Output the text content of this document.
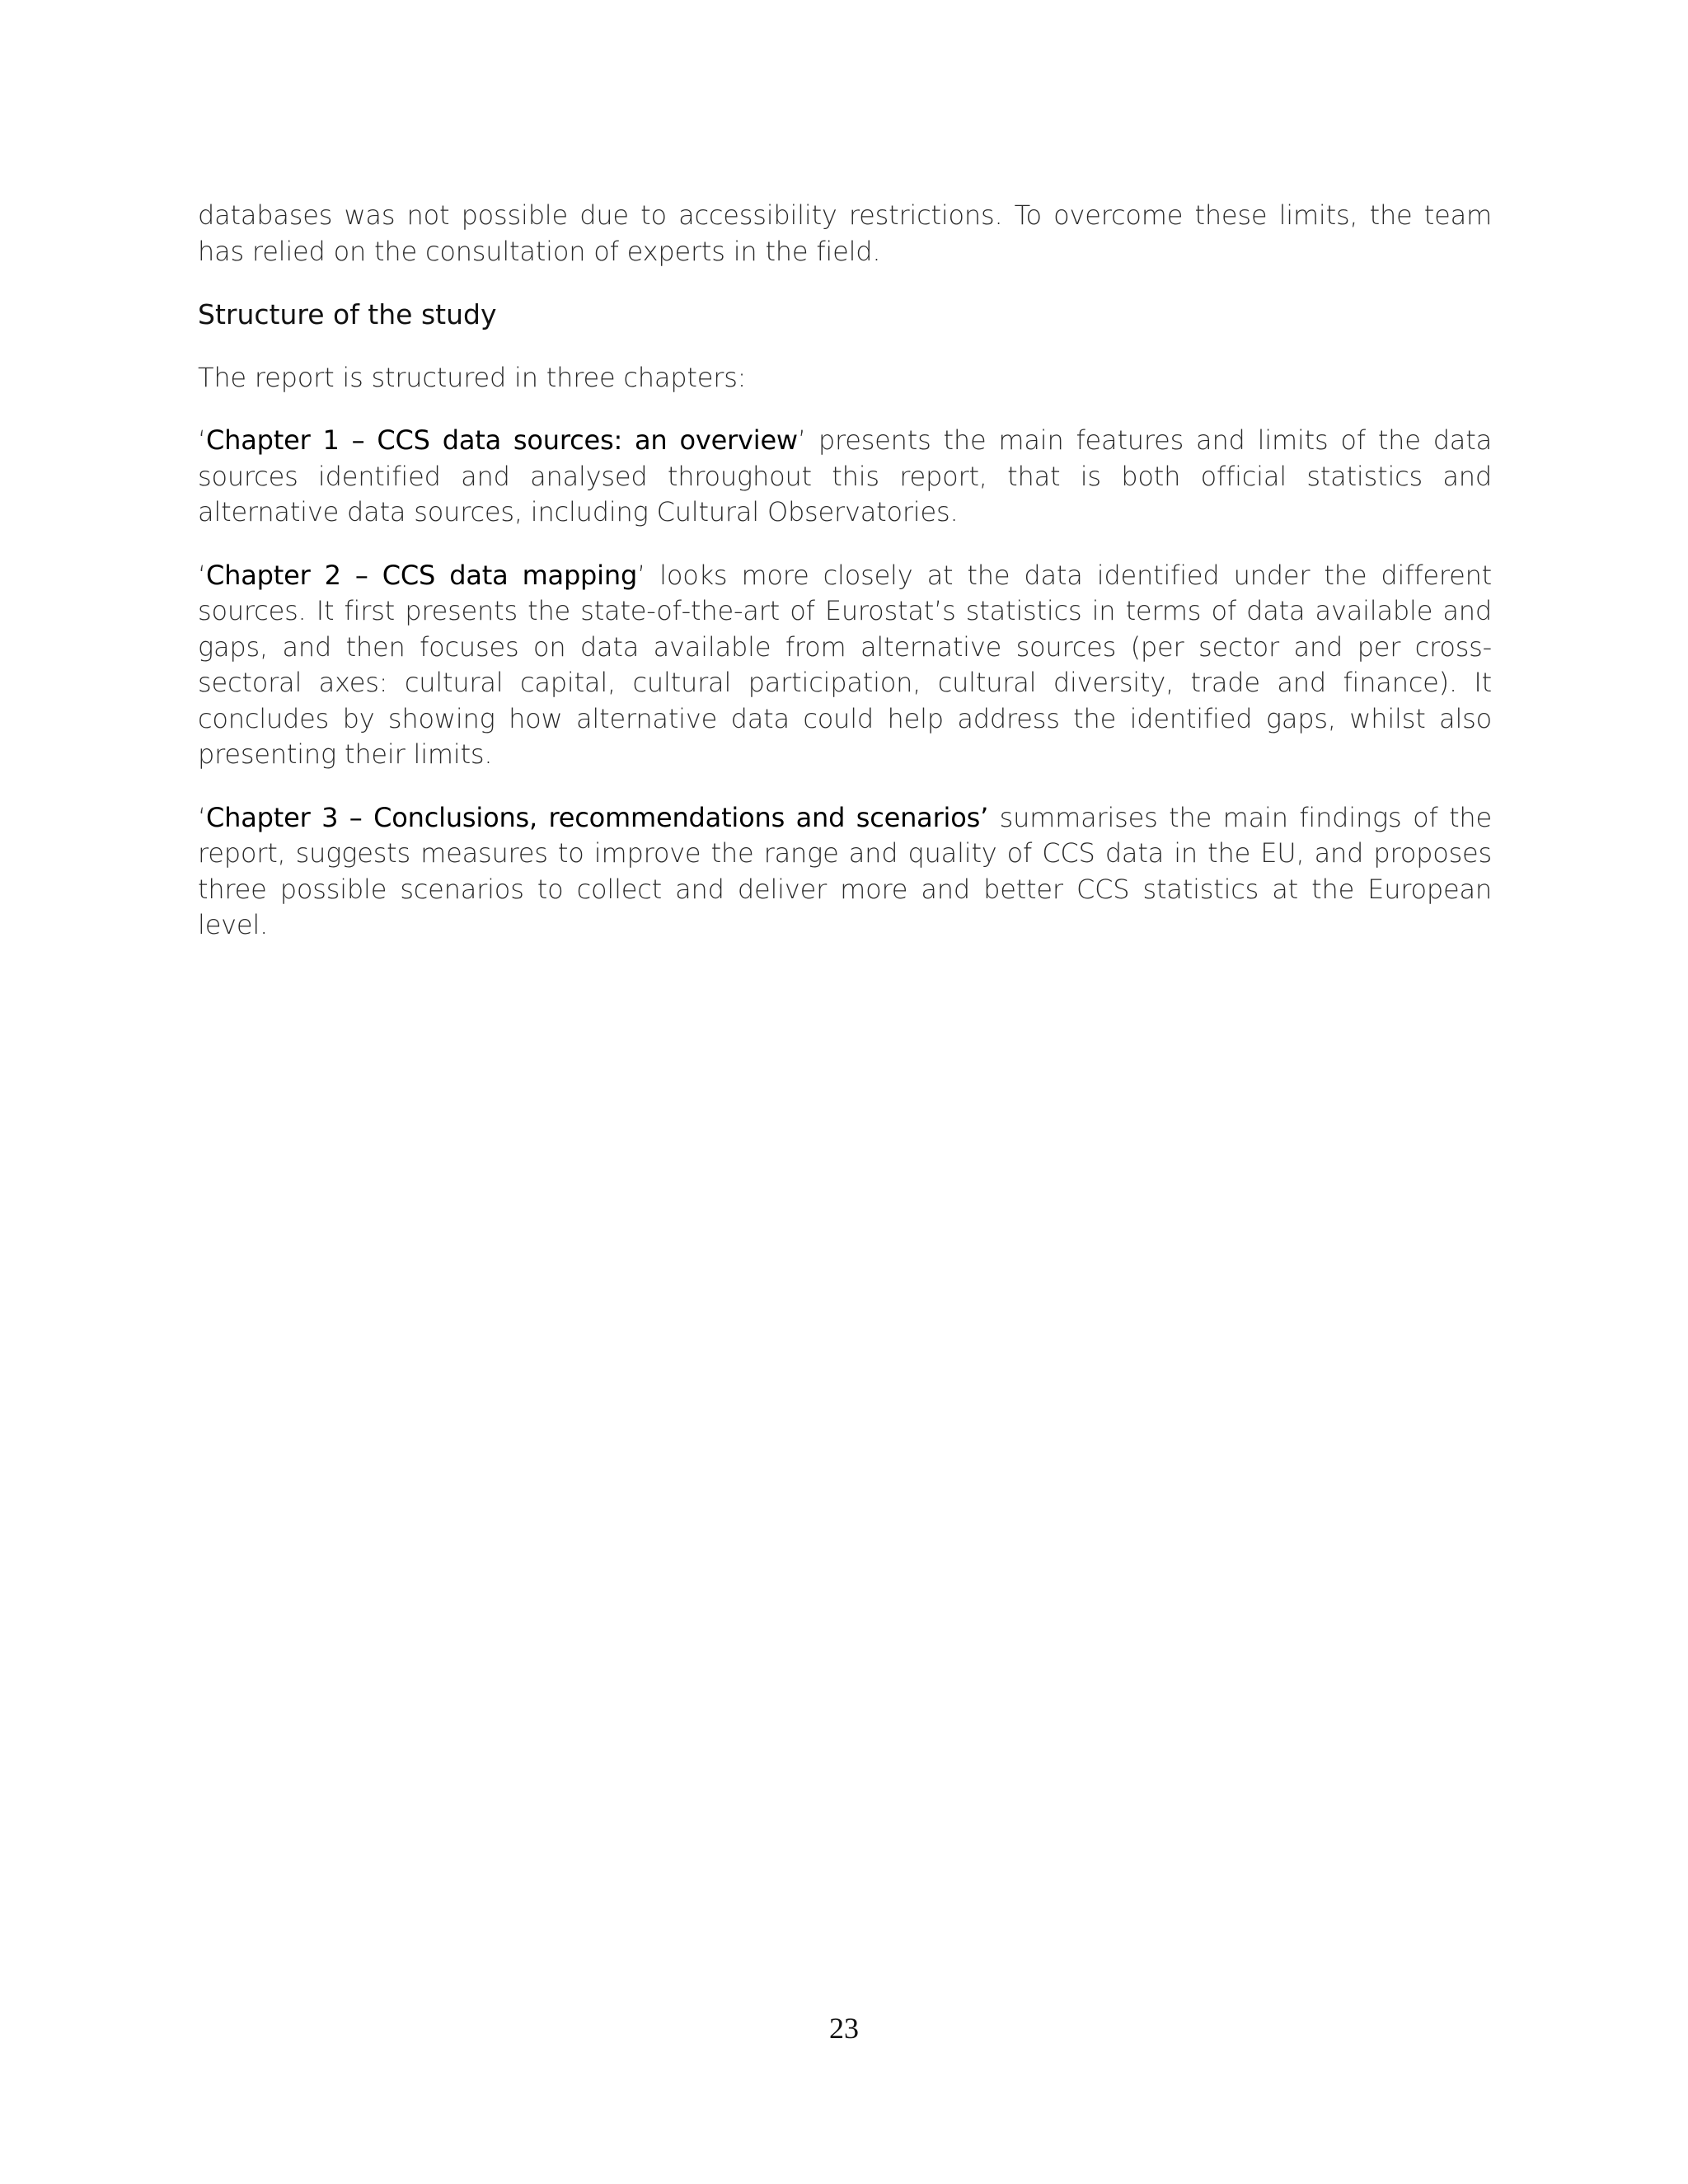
databases was not possible due to accessibility restrictions. To overcome these limits, the team has relied on the consultation of experts in the field.

Structure of the study

The report is structured in three chapters:

‘Chapter 1 – CCS data sources: an overview’ presents the main features and limits of the data sources identified and analysed throughout this report, that is both official statistics and alternative data sources, including Cultural Observatories.

‘Chapter 2 – CCS data mapping’ looks more closely at the data identified under the different sources. It first presents the state-of-the-art of Eurostat’s statistics in terms of data available and gaps, and then focuses on data available from alternative sources (per sector and per cross-sectoral axes: cultural capital, cultural participation, cultural diversity, trade and finance). It concludes by showing how alternative data could help address the identified gaps, whilst also presenting their limits.

‘Chapter 3 – Conclusions, recommendations and scenarios’ summarises the main findings of the report, suggests measures to improve the range and quality of CCS data in the EU, and proposes three possible scenarios to collect and deliver more and better CCS statistics at the European level.

23
